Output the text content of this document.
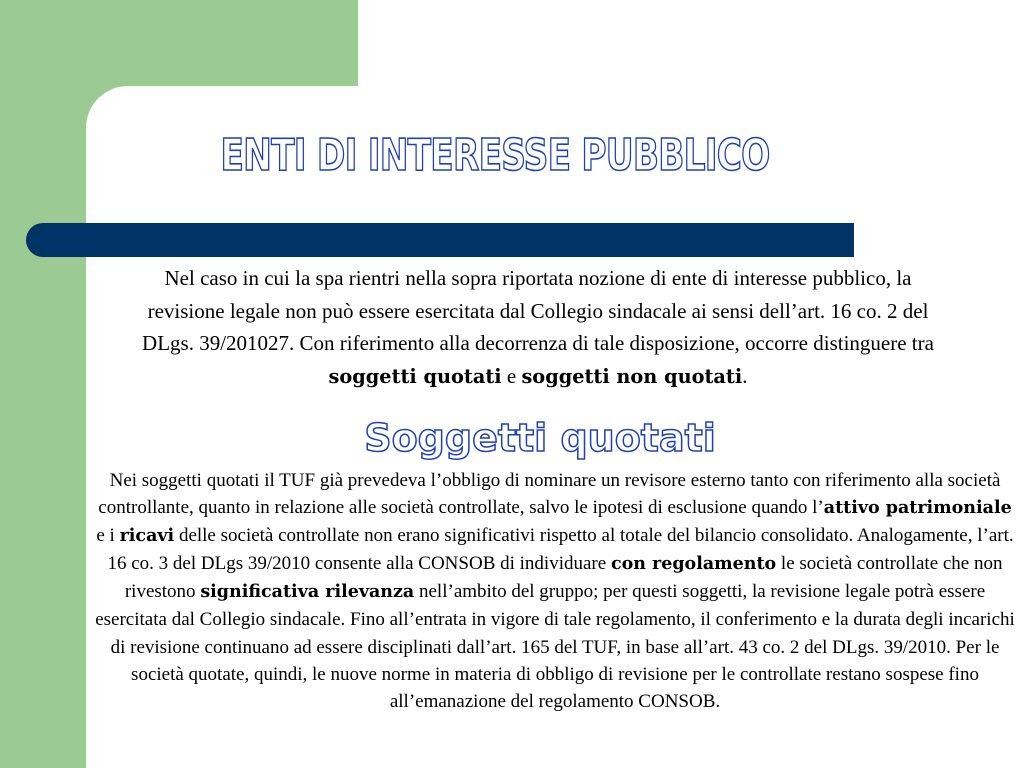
ENTI DI INTERESSE PUBBLICO
Nel caso in cui la spa rientri nella sopra riportata nozione di ente di interesse pubblico, la revisione legale non può essere esercitata dal Collegio sindacale ai sensi dell’art. 16 co. 2 del DLgs. 39/201027. Con riferimento alla decorrenza di tale disposizione, occorre distinguere tra soggetti quotati e soggetti non quotati.
Soggetti quotati
Nei soggetti quotati il TUF già prevedeva l’obbligo di nominare un revisore esterno tanto con riferimento alla società controllante, quanto in relazione alle società controllate, salvo le ipotesi di esclusione quando l’attivo patrimoniale e i ricavi delle società controllate non erano significativi rispetto al totale del bilancio consolidato. Analogamente, l’art. 16 co. 3 del DLgs 39/2010 consente alla CONSOB di individuare con regolamento le società controllate che non rivestono significativa rilevanza nell’ambito del gruppo; per questi soggetti, la revisione legale potrà essere esercitata dal Collegio sindacale. Fino all’entrata in vigore di tale regolamento, il conferimento e la durata degli incarichi di revisione continuano ad essere disciplinati dall’art. 165 del TUF, in base all’art. 43 co. 2 del DLgs. 39/2010. Per le società quotate, quindi, le nuove norme in materia di obbligo di revisione per le controllate restano sospese fino all’emanazione del regolamento CONSOB.
